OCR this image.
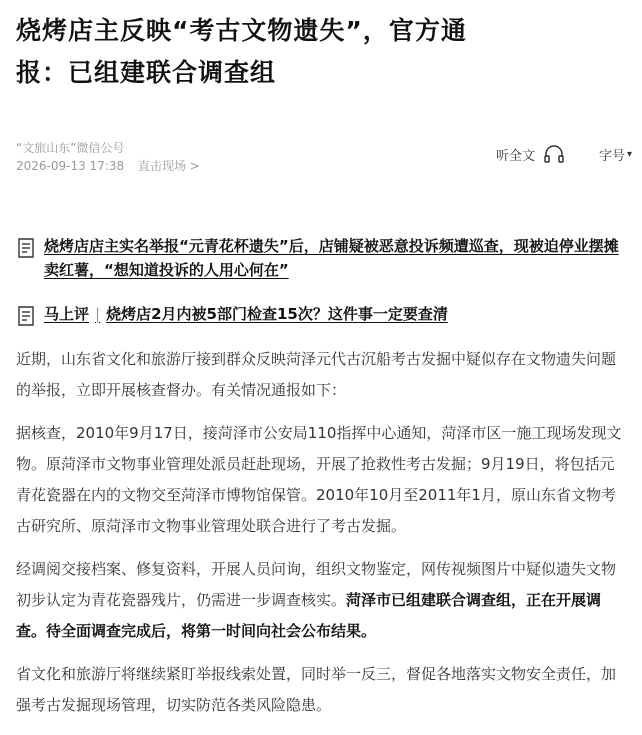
烧烤店主反映“考古文物遗失”，官方通
报：已组建联合调查组
“文旅山东”微信公号
2026-09-13 17:38 直击现场 >
听全文	字号 ▾
烧烤店店主实名举报“元青花杯遗失”后，店铺疑被恶意投诉频遭巡查，现被迫停业摆摊卖红薯，“想知道投诉的人用心何在”
马上评 | 烧烤店2月内被5部门检查15次？这件事一定要查清

近期，山东省文化和旅游厅接到群众反映菏泽元代古沉船考古发掘中疑似存在文物遗失问题的举报，立即开展核查督办。有关情况通报如下：

据核查，2010年9月17日，接菏泽市公安局110指挥中心通知，菏泽市区一施工现场发现文物。原菏泽市文物事业管理处派员赶赴现场，开展了抢救性考古发掘；9月19日，将包括元青花瓷器在内的文物交至菏泽市博物馆保管。2010年10月至2011年1月，原山东省文物考古研究所、原菏泽市文物事业管理处联合进行了考古发掘。

经调阅交接档案、修复资料，开展人员问询，组织文物鉴定，网传视频图片中疑似遗失文物初步认定为青花瓷器残片，仍需进一步调查核实。菏泽市已组建联合调查组，正在开展调查。待全面调查完成后，将第一时间向社会公布结果。

省文化和旅游厅将继续紧盯举报线索处置，同时举一反三，督促各地落实文物安全责任，加强考古发掘现场管理，切实防范各类风险隐患。
